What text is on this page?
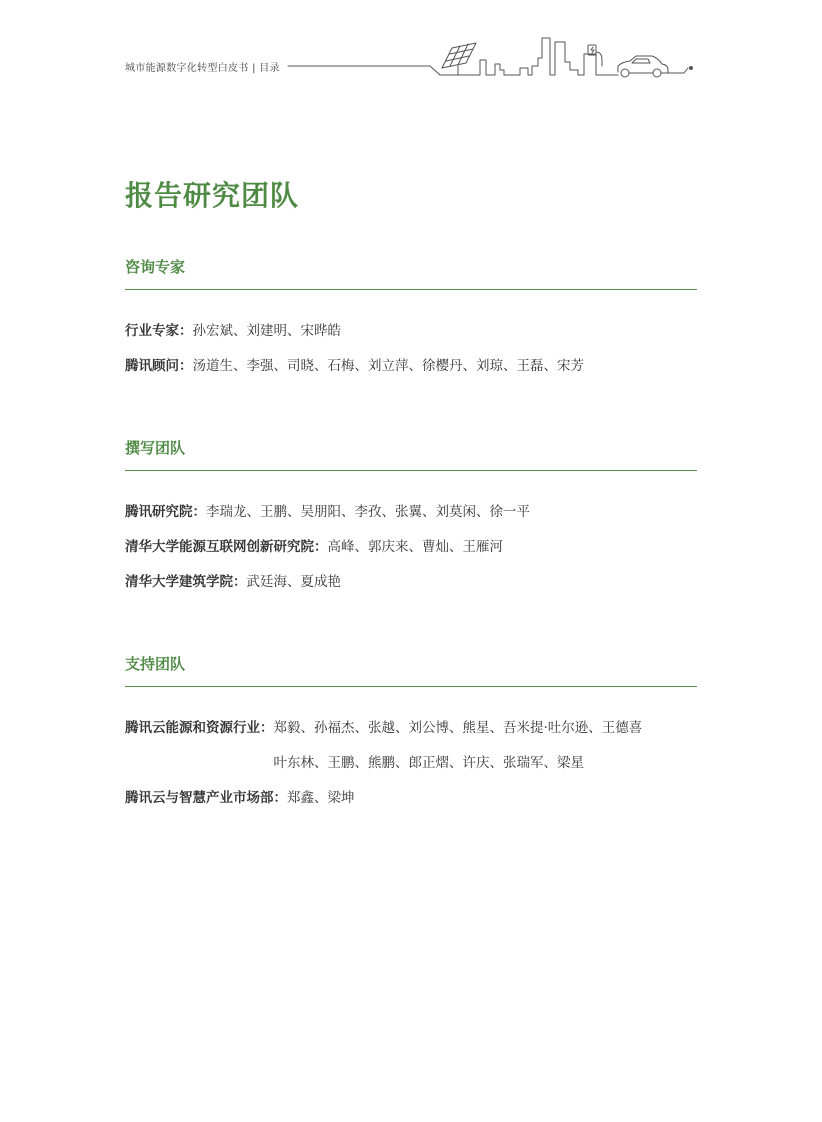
城市能源数字化转型白皮书 | 目录
报告研究团队
咨询专家
行业专家： 孙宏斌、刘建明、宋晔皓
腾讯顾问： 汤道生、李强、司晓、石梅、刘立萍、徐樱丹、刘琼、王磊、宋芳
撰写团队
腾讯研究院： 李瑞龙、王鹏、吴朋阳、李孜、张翼、刘莫闲、徐一平
清华大学能源互联网创新研究院： 高峰、郭庆来、曹灿、王雁河
清华大学建筑学院： 武廷海、夏成艳
支持团队
腾讯云能源和资源行业： 郑毅、孙福杰、张越、刘公博、熊星、吾米提·吐尔逊、王德喜
叶东林、王鹏、熊鹏、郎正熠、许庆、张瑞军、梁星
腾讯云与智慧产业市场部： 郑鑫、梁坤
